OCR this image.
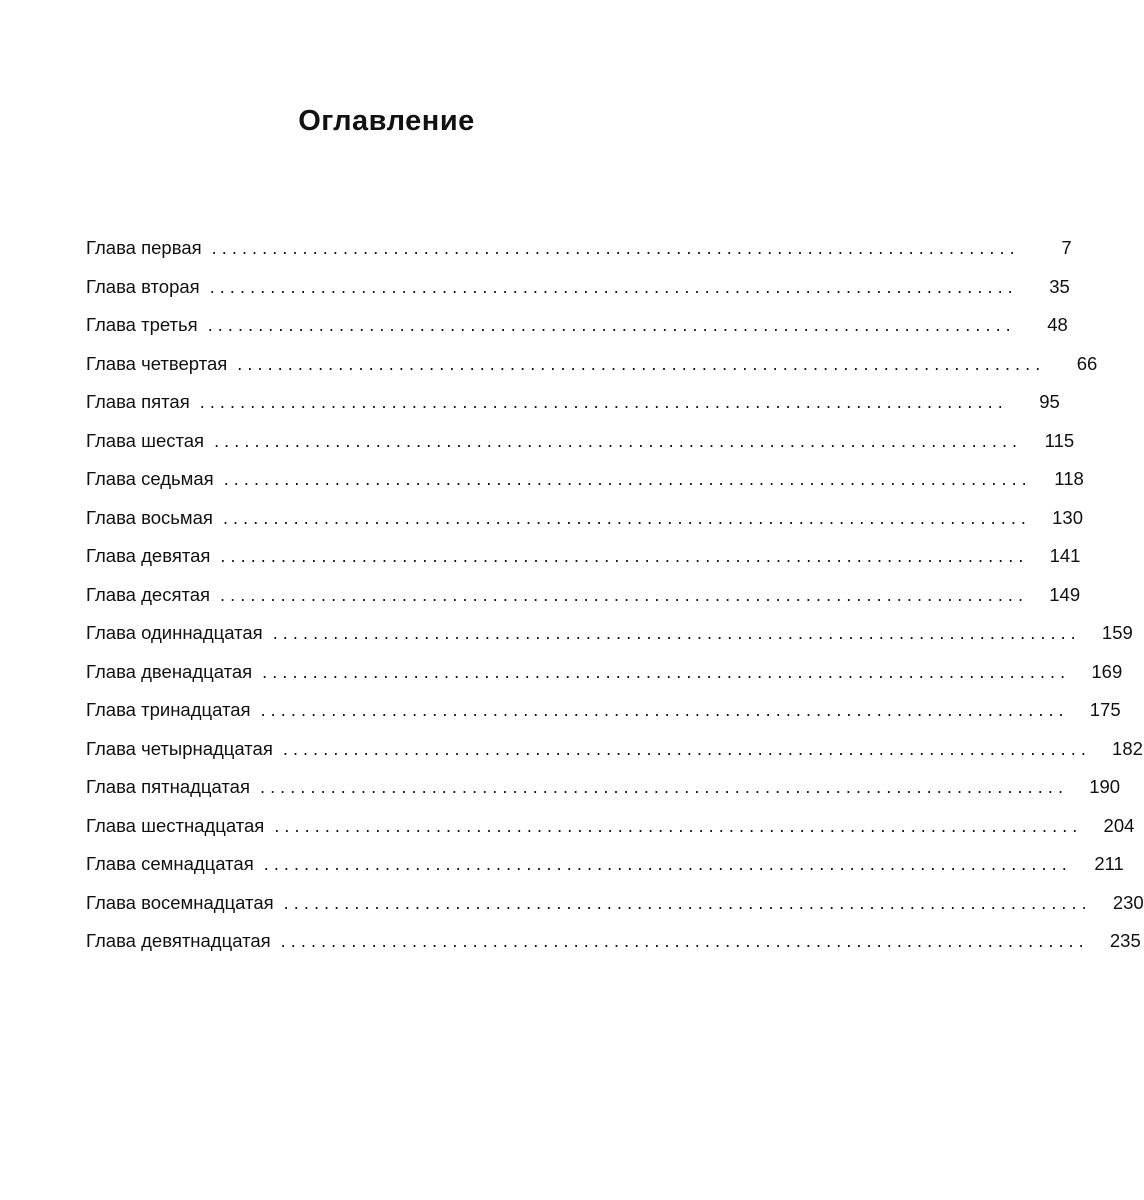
Оглавление
Глава первая ................................................................................	7
Глава вторая ................................................................................	35
Глава третья ................................................................................	48
Глава четвертая ................................................................................	66
Глава пятая ................................................................................	95
Глава шестая ................................................................................	115
Глава седьмая ................................................................................	118
Глава восьмая ................................................................................	130
Глава девятая ................................................................................	141
Глава десятая ................................................................................	149
Глава одиннадцатая ................................................................................	159
Глава двенадцатая ................................................................................	169
Глава тринадцатая ................................................................................	175
Глава четырнадцатая ................................................................................	182
Глава пятнадцатая ................................................................................	190
Глава шестнадцатая ................................................................................	204
Глава семнадцатая ................................................................................	211
Глава восемнадцатая ................................................................................	230
Глава девятнадцатая ................................................................................	235
